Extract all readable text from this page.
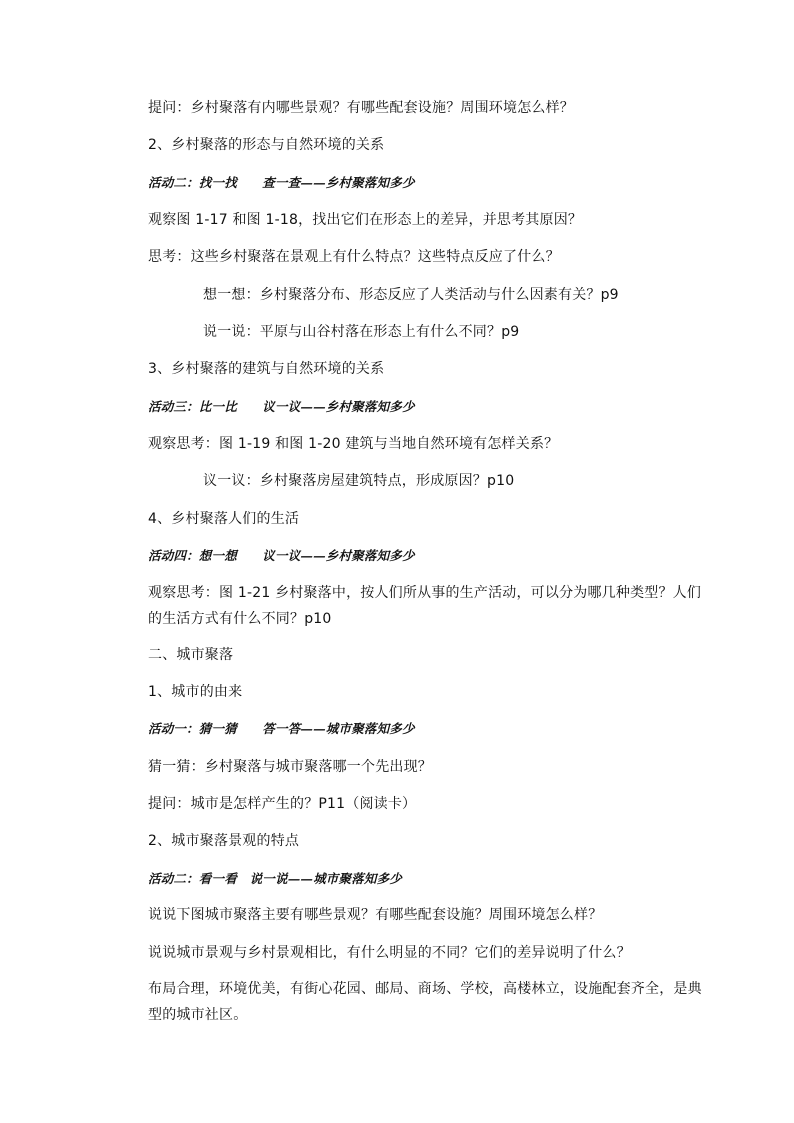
提问：乡村聚落有内哪些景观？有哪些配套设施？周围环境怎么样？
2、乡村聚落的形态与自然环境的关系
活动二：找一找　　查一查——乡村聚落知多少
观察图 1-17 和图 1-18，找出它们在形态上的差异，并思考其原因？
思考：这些乡村聚落在景观上有什么特点？这些特点反应了什么？
想一想：乡村聚落分布、形态反应了人类活动与什么因素有关？p9
说一说：平原与山谷村落在形态上有什么不同？p9
3、乡村聚落的建筑与自然环境的关系
活动三：比一比　　议一议——乡村聚落知多少
观察思考：图 1-19 和图 1-20 建筑与当地自然环境有怎样关系？
议一议：乡村聚落房屋建筑特点，形成原因？p10
4、乡村聚落人们的生活
活动四：想一想　　议一议——乡村聚落知多少
观察思考：图 1-21 乡村聚落中，按人们所从事的生产活动，可以分为哪几种类型？人们的生活方式有什么不同？p10
二、城市聚落
1、城市的由来
活动一：猜一猜　　答一答——城市聚落知多少
猜一猜：乡村聚落与城市聚落哪一个先出现？
提问：城市是怎样产生的？P11（阅读卡）
2、城市聚落景观的特点
活动二：看一看　说一说——城市聚落知多少
说说下图城市聚落主要有哪些景观？有哪些配套设施？周围环境怎么样？
说说城市景观与乡村景观相比，有什么明显的不同？它们的差异说明了什么？
布局合理，环境优美，有街心花园、邮局、商场、学校，高楼林立，设施配套齐全，是典型的城市社区。
